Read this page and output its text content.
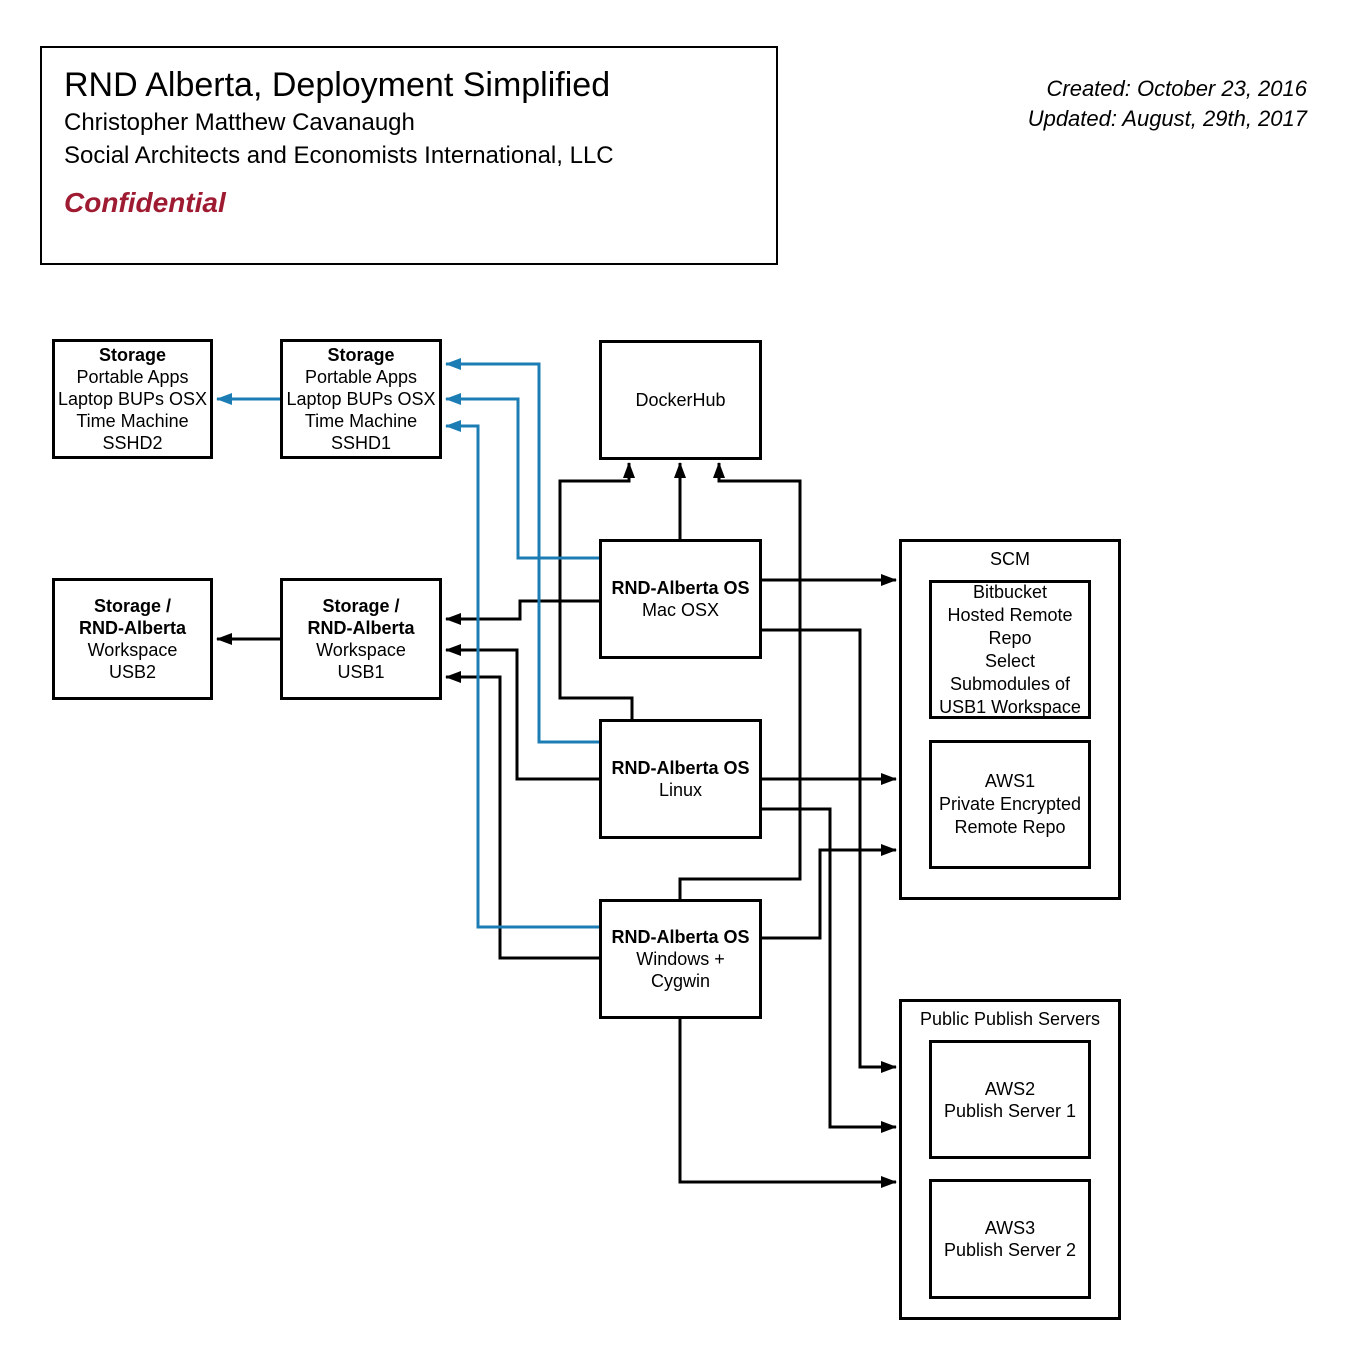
RND Alberta, Deployment Simplified
Christopher Matthew Cavanaugh
Social Architects and Economists International, LLC
Confidential
Created: October 23, 2016
Updated: August, 29th, 2017
Storage
Portable Apps
Laptop BUPs OSX
Time Machine
SSHD2
Storage
Portable Apps
Laptop BUPs OSX
Time Machine
SSHD1
DockerHub
Storage /
RND-Alberta
Workspace
USB2
Storage /
RND-Alberta
Workspace
USB1
RND-Alberta OS
Mac OSX
RND-Alberta OS
Linux
RND-Alberta OS
Windows +
Cygwin
SCM
Bitbucket
Hosted Remote
Repo
Select
Submodules of
USB1 Workspace
AWS1
Private Encrypted
Remote Repo
Public Publish Servers
AWS2
Publish Server 1
AWS3
Publish Server 2
